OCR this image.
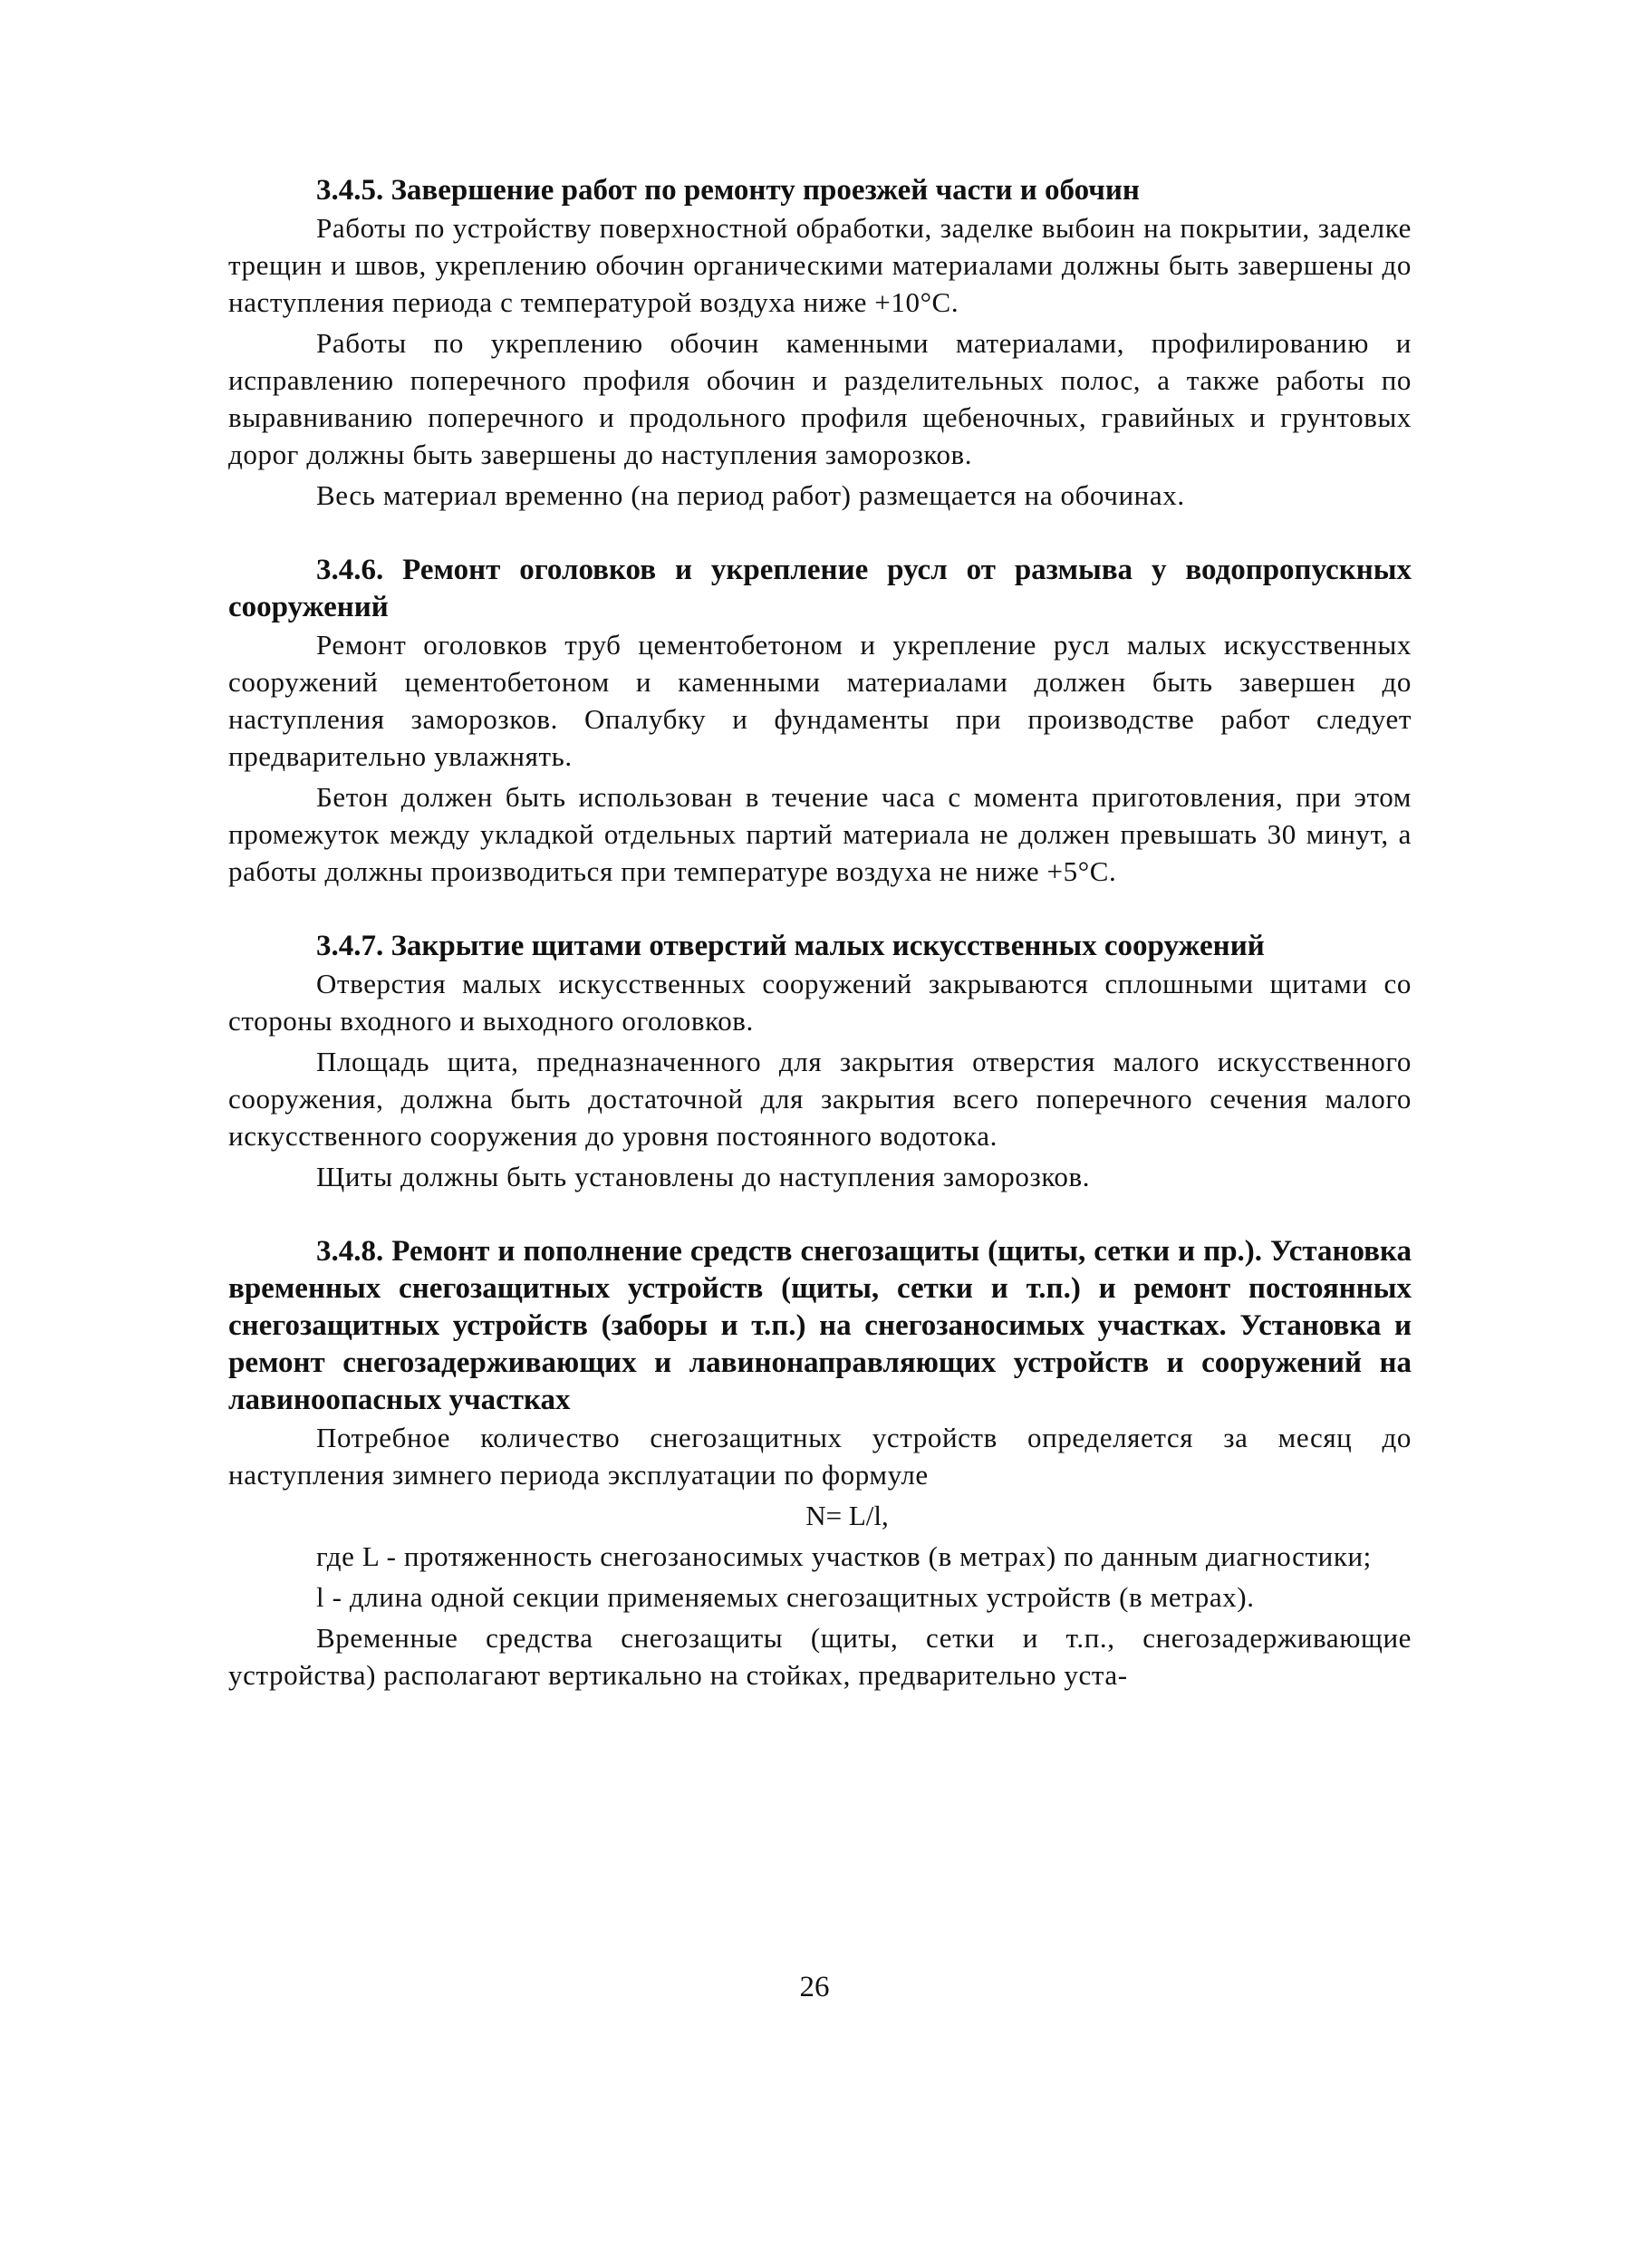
3.4.5. Завершение работ по ремонту проезжей части и обочин

Работы по устройству поверхностной обработки, заделке выбоин на покрытии, заделке трещин и швов, укреплению обочин органическими материалами должны быть завершены до наступления периода с температурой воздуха ниже +10°С.

Работы по укреплению обочин каменными материалами, профилированию и исправлению поперечного профиля обочин и разделительных полос, а также работы по выравниванию поперечного и продольного профиля щебеночных, гравийных и грунтовых дорог должны быть завершены до наступления заморозков.

Весь материал временно (на период работ) размещается на обочинах.

3.4.6. Ремонт оголовков и укрепление русл от размыва у водопропускных сооружений

Ремонт оголовков труб цементобетоном и укрепление русл малых искусственных сооружений цементобетоном и каменными материалами должен быть завершен до наступления заморозков. Опалубку и фундаменты при производстве работ следует предварительно увлажнять.

Бетон должен быть использован в течение часа с момента приготовления, при этом промежуток между укладкой отдельных партий материала не должен превышать 30 минут, а работы должны производиться при температуре воздуха не ниже +5°С.

3.4.7. Закрытие щитами отверстий малых искусственных сооружений

Отверстия малых искусственных сооружений закрываются сплошными щитами со стороны входного и выходного оголовков.

Площадь щита, предназначенного для закрытия отверстия малого искусственного сооружения, должна быть достаточной для закрытия всего поперечного сечения малого искусственного сооружения до уровня постоянного водотока.

Щиты должны быть установлены до наступления заморозков.

3.4.8. Ремонт и пополнение средств снегозащиты (щиты, сетки и пр.). Установка временных снегозащитных устройств (щиты, сетки и т.п.) и ремонт постоянных снегозащитных устройств (заборы и т.п.) на снегозаносимых участках. Установка и ремонт снегозадерживающих и лавинонаправляющих устройств и сооружений на лавиноопасных участках

Потребное количество снегозащитных устройств определяется за месяц до наступления зимнего периода эксплуатации по формуле

N= L/l,

где L - протяженность снегозаносимых участков (в метрах) по данным диагностики;

l - длина одной секции применяемых снегозащитных устройств (в метрах).

Временные средства снегозащиты (щиты, сетки и т.п., снегозадерживающие устройства) располагают вертикально на стойках, предварительно уста-

26
